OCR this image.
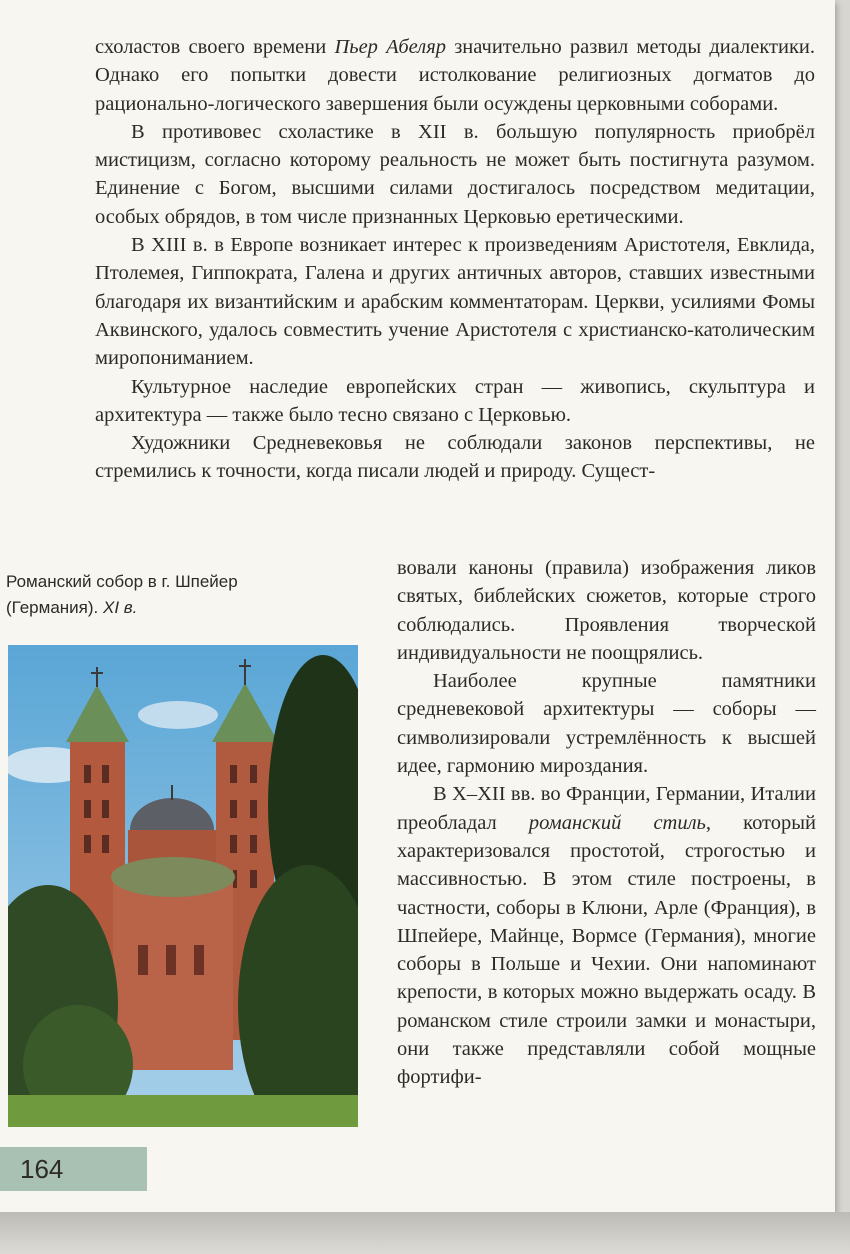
схоластов своего времени Пьер Абеляр значительно развил методы диалектики. Однако его попытки довести истолкование религиозных догматов до рационально-логического завершения были осуждены церковными соборами.

В противовес схоластике в XII в. большую популярность приобрёл мистицизм, согласно которому реальность не может быть постигнута разумом. Единение с Богом, высшими силами достигалось посредством медитации, особых обрядов, в том числе признанных Церковью еретическими.

В XIII в. в Европе возникает интерес к произведениям Аристотеля, Евклида, Птолемея, Гиппократа, Галена и других античных авторов, ставших известными благодаря их византийским и арабским комментаторам. Церкви, усилиями Фомы Аквинского, удалось совместить учение Аристотеля с христианско-католическим миропониманием.

Культурное наследие европейских стран — живопись, скульптура и архитектура — также было тесно связано с Церковью.

Художники Средневековья не соблюдали законов перспективы, не стремились к точности, когда писали людей и природу. Сущест-

Романский собор в г. Шпейер
(Германия). XI в.

вовали каноны (правила) изображения ликов святых, библейских сюжетов, которые строго соблюдались. Проявления творческой индивидуальности не поощрялись.

Наиболее крупные памятники средневековой архитектуры — соборы — символизировали устремлённость к высшей идее, гармонию мироздания.

В X–XII вв. во Франции, Германии, Италии преобладал романский стиль, который характеризовался простотой, строгостью и массивностью. В этом стиле построены, в частности, соборы в Клюни, Арле (Франция), в Шпейере, Майнце, Вормсе (Германия), многие соборы в Польше и Чехии. Они напоминают крепости, в которых можно выдержать осаду. В романском стиле строили замки и монастыри, они также представляли собой мощные фортифи-

164
